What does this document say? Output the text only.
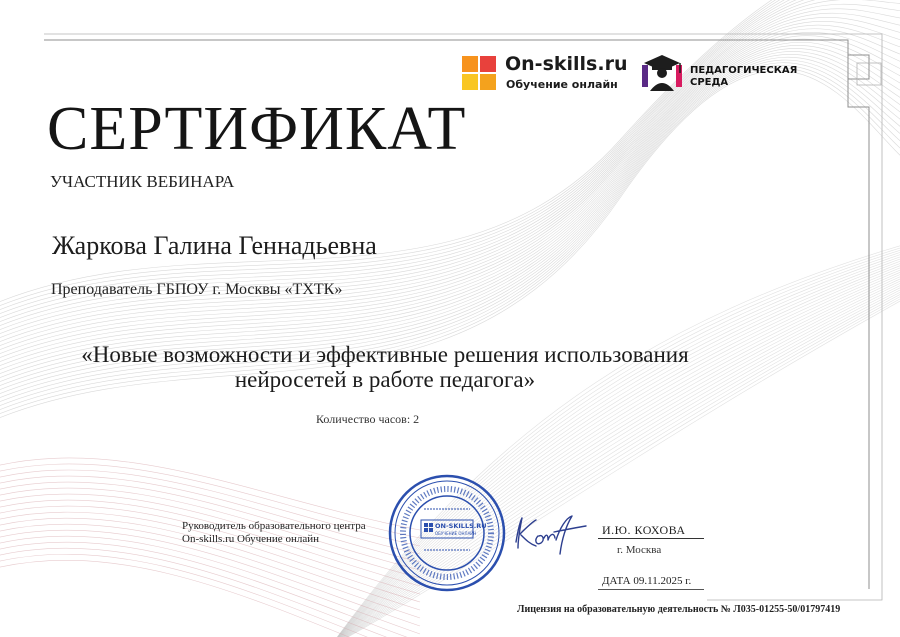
On-skills.ru
Обучение онлайн
ПЕДАГОГИЧЕСКАЯ
СРЕДА
СЕРТИФИКАТ
УЧАСТНИК ВЕБИНАРА
Жаркова Галина Геннадьевна
Преподаватель ГБПОУ г. Москвы «ТХТК»
«Новые возможности и эффективные решения использования
нейросетей в работе педагога»
Количество часов: 2
Руководитель образовательного центра
On-skills.ru Обучение онлайн
ON-SKILLS.RU
ОБУЧЕНИЕ ОНЛАЙН	И.Ю. КОХОВА
г. Москва
ДАТА 09.11.2025 г.
Лицензия на образовательную деятельность № Л035-01255-50/01797419
